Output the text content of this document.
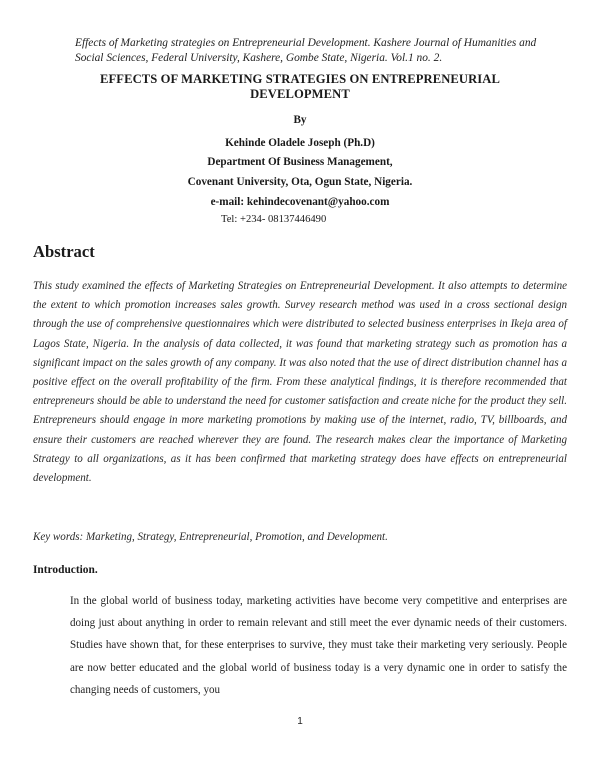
Effects of Marketing strategies on Entrepreneurial Development. Kashere Journal of Humanities and Social Sciences, Federal University, Kashere, Gombe State, Nigeria. Vol.1 no. 2.
EFFECTS OF MARKETING STRATEGIES ON ENTREPRENEURIAL
DEVELOPMENT
By
Kehinde Oladele Joseph (Ph.D)
Department Of Business Management,
Covenant University, Ota, Ogun State, Nigeria.
e-mail: kehindecovenant@yahoo.com
Tel: +234- 08137446490
Abstract
This study examined the effects of Marketing Strategies on Entrepreneurial Development. It also attempts to determine the extent to which promotion increases sales growth. Survey research method was used in a cross sectional design through the use of comprehensive questionnaires which were distributed to selected business enterprises in Ikeja area of Lagos State, Nigeria. In the analysis of data collected, it was found that marketing strategy such as promotion has a significant impact on the sales growth of any company. It was also noted that the use of direct distribution channel has a positive effect on the overall profitability of the firm. From these analytical findings, it is therefore recommended that entrepreneurs should be able to understand the need for customer satisfaction and create niche for the product they sell. Entrepreneurs should engage in more marketing promotions by making use of the internet, radio, TV, billboards, and ensure their customers are reached wherever they are found. The research makes clear the importance of Marketing Strategy to all organizations, as it has been confirmed that marketing strategy does have effects on entrepreneurial development.
Key words: Marketing, Strategy, Entrepreneurial, Promotion, and Development.
Introduction.
In the global world of business today, marketing activities have become very competitive and enterprises are doing just about anything in order to remain relevant and still meet the ever dynamic needs of their customers. Studies have shown that, for these enterprises to survive, they must take their marketing very seriously. People are now better educated and the global world of business today is a very dynamic one in order to satisfy the changing needs of customers, you
1
